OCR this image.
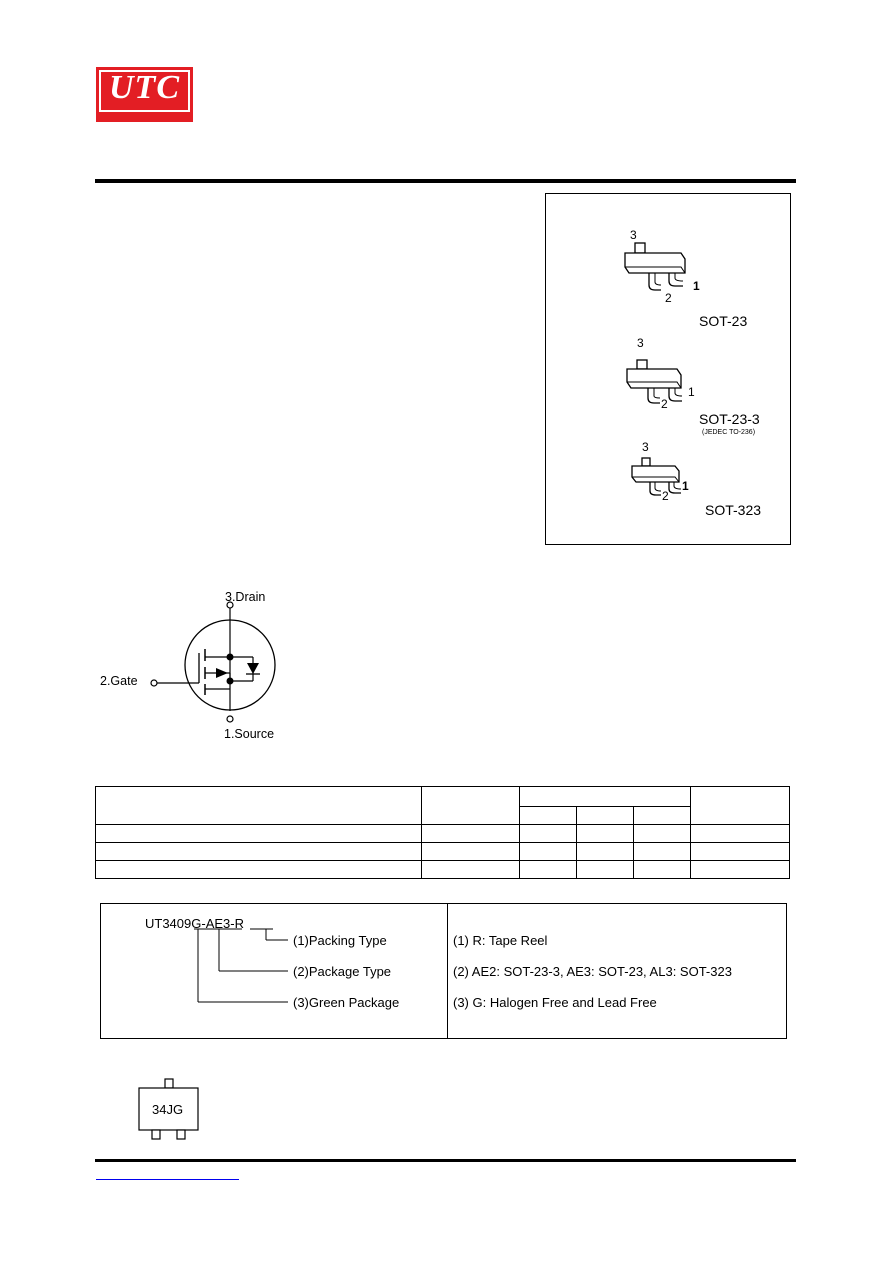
UTC
3
2
1
SOT-23
3
2
1
SOT-23-3
(JEDEC TO-236)
3
2
1
SOT-323
3.Drain
2.Gate
1.Source

UT3409G-AE3-R
(1)Packing Type
(2)Package Type
(3)Green Package
(1) R: Tape Reel
(2) AE2: SOT-23-3, AE3: SOT-23, AL3: SOT-323
(3) G: Halogen Free and Lead Free
34JG
